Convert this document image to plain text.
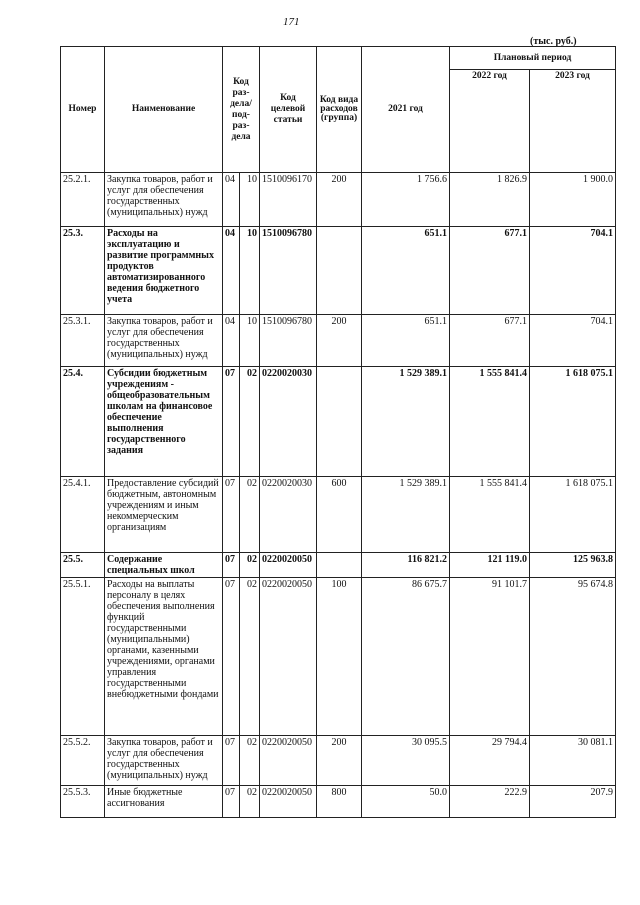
171
(тыс. руб.)
Номер	Наименование	Код раз-дела/ под-раз-дела		Код целевой статьи	Код вида расходов (группа)	2021 год	Плановый период	
							2022 год	2023 год
25.2.1.	Закупка товаров, работ и услуг для обеспечения государственных (муниципальных) нужд	04	10	1510096170	200	1 756.6	1 826.9	1 900.0
25.3.	Расходы на эксплуатацию и развитие программных продуктов автоматизированного ведения бюджетного учета	04	10	1510096780		651.1	677.1	704.1
25.3.1.	Закупка товаров, работ и услуг для обеспечения государственных (муниципальных) нужд	04	10	1510096780	200	651.1	677.1	704.1
25.4.	Субсидии бюджетным учреждениям - общеобразовательным школам на финансовое обеспечение выполнения государственного задания	07	02	0220020030		1 529 389.1	1 555 841.4	1 618 075.1
25.4.1.	Предоставление субсидий бюджетным, автономным учреждениям и иным некоммерческим организациям	07	02	0220020030	600	1 529 389.1	1 555 841.4	1 618 075.1
25.5.	Содержание специальных школ	07	02	0220020050		116 821.2	121 119.0	125 963.8
25.5.1.	Расходы на выплаты персоналу в целях обеспечения выполнения функций государственными (муниципальными) органами, казенными учреждениями, органами управления государственными внебюджетными фондами	07	02	0220020050	100	86 675.7	91 101.7	95 674.8
25.5.2.	Закупка товаров, работ и услуг для обеспечения государственных (муниципальных) нужд	07	02	0220020050	200	30 095.5	29 794.4	30 081.1
25.5.3.	Иные бюджетные ассигнования	07	02	0220020050	800	50.0	222.9	207.9
